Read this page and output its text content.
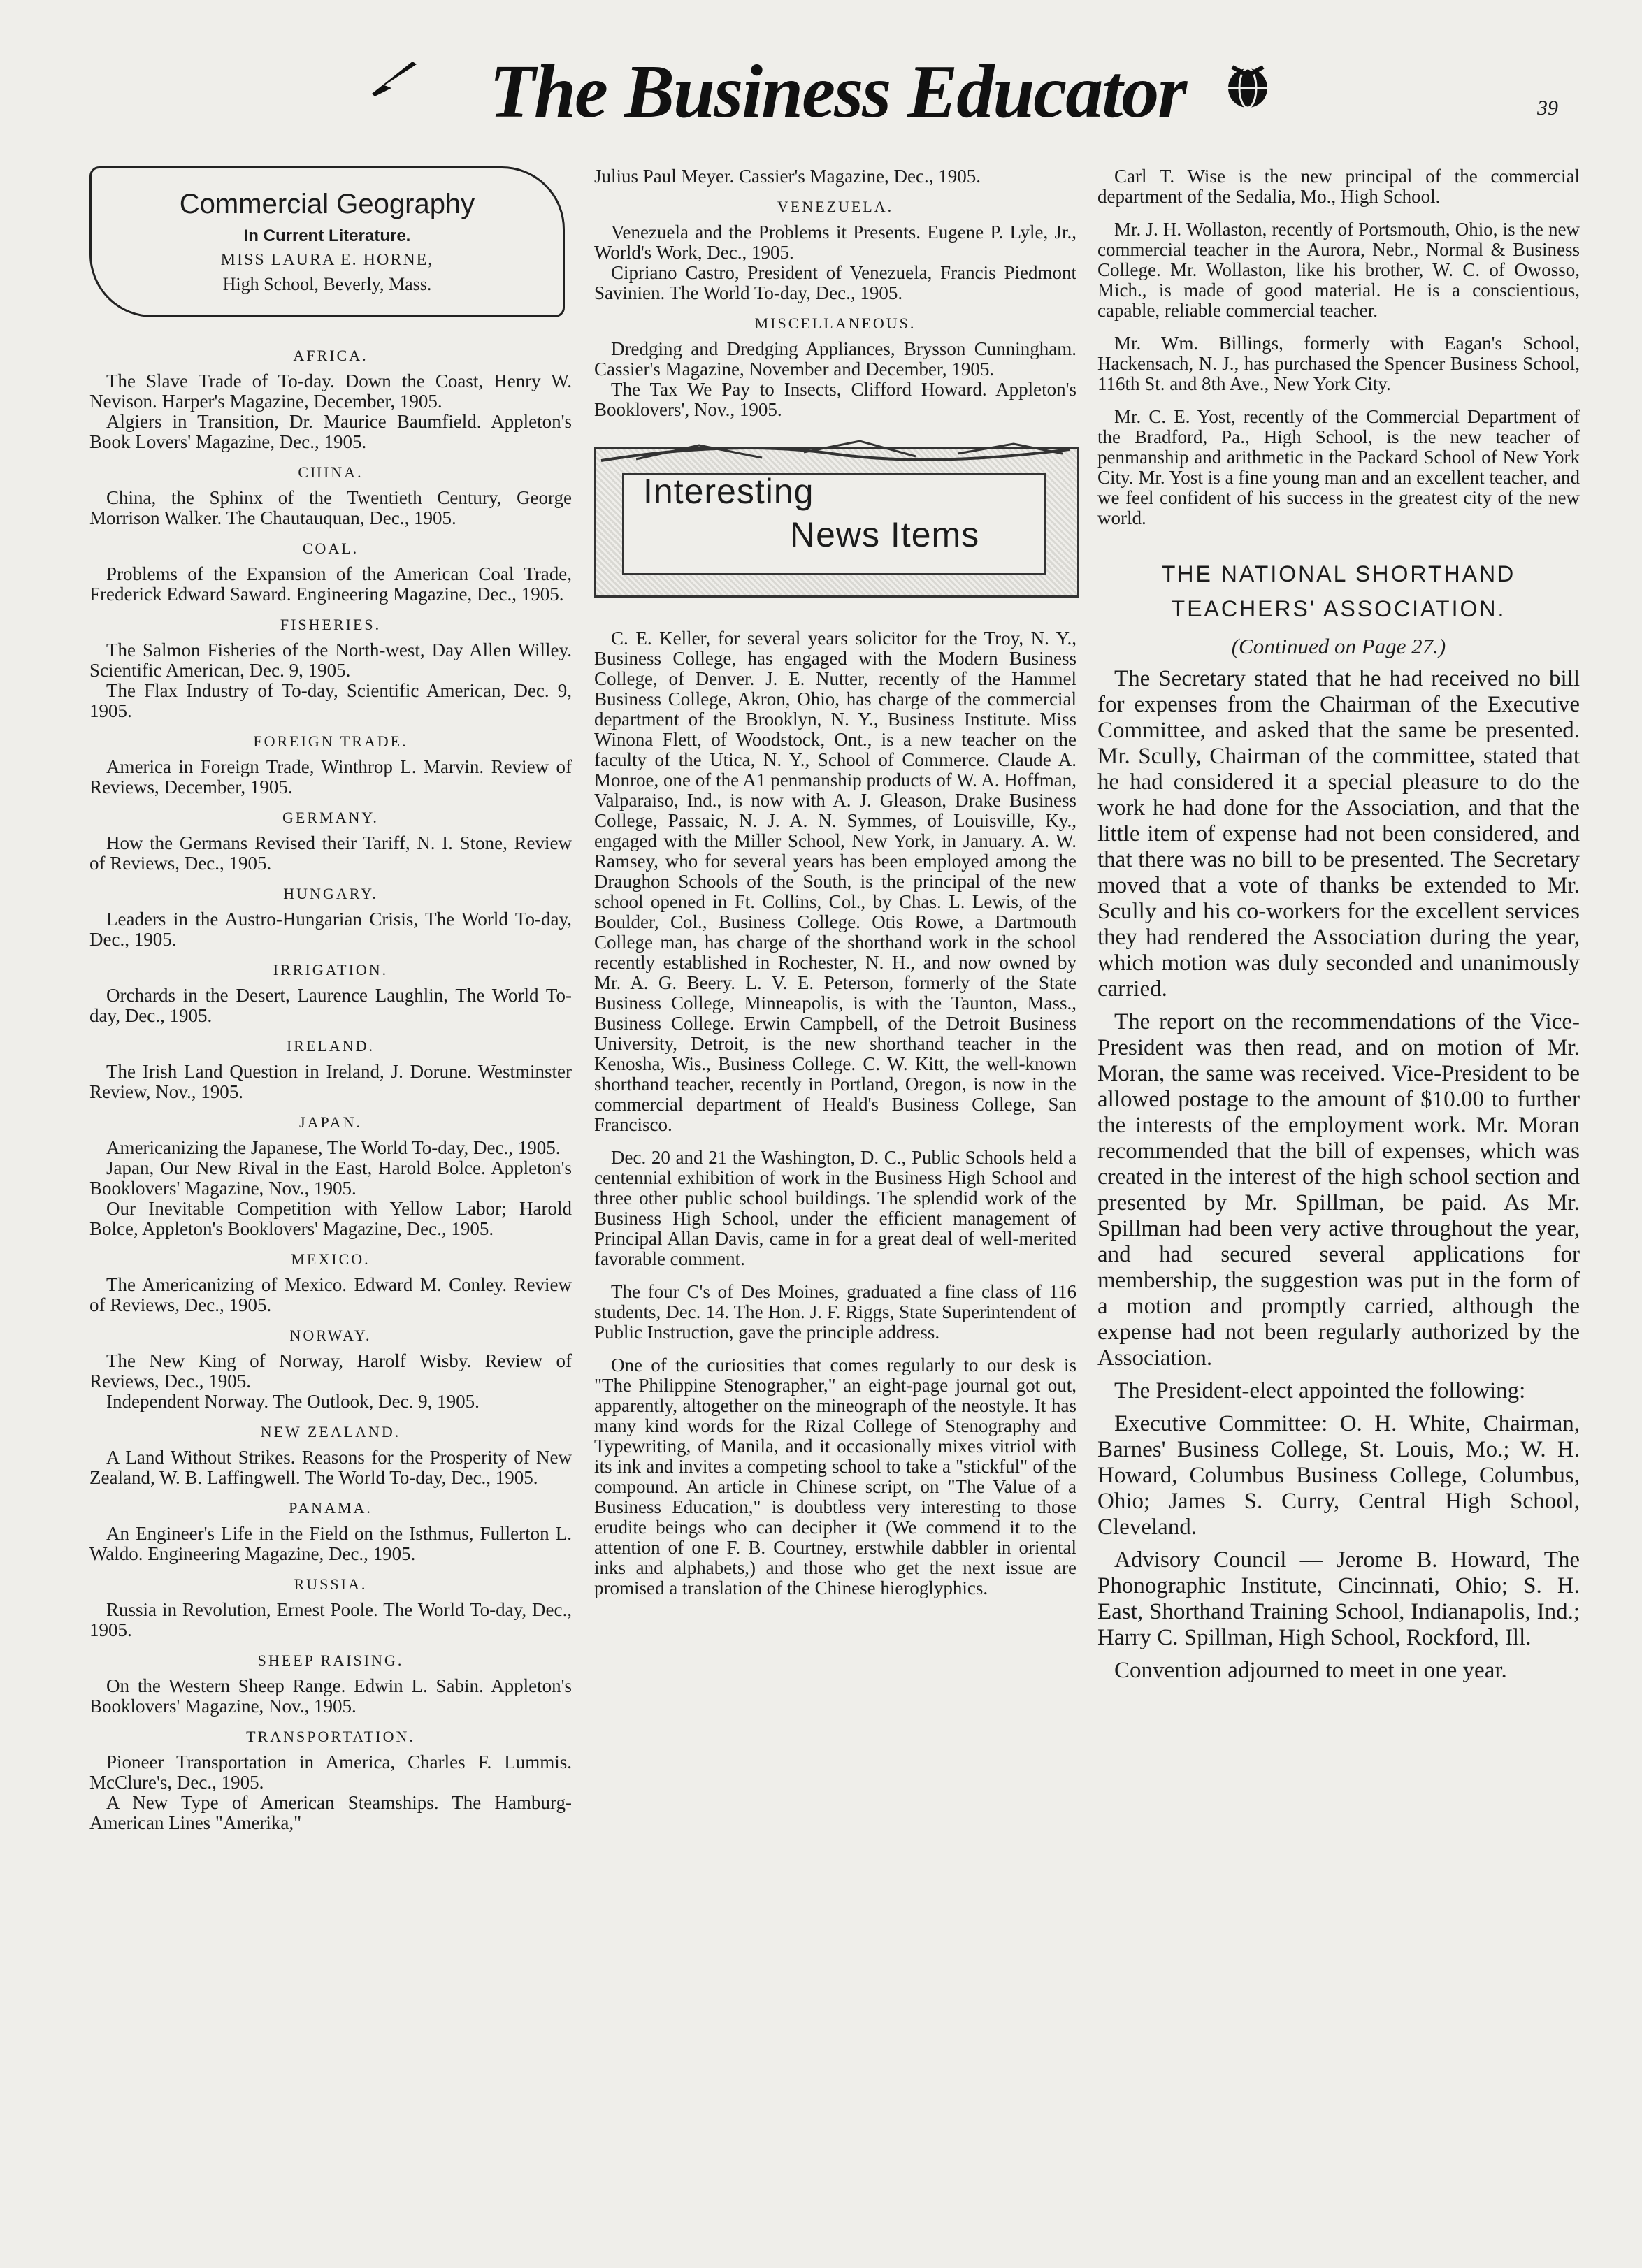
The Business Educator	39
Commercial Geography
In Current Literature.
MISS LAURA E. HORNE,
High School, Beverly, Mass.
AFRICA.

The Slave Trade of To-day. Down the Coast, Henry W. Nevison. Harper's Magazine, December, 1905.

Algiers in Transition, Dr. Maurice Baumfield. Appleton's Book Lovers' Magazine, Dec., 1905.

CHINA.

China, the Sphinx of the Twentieth Century, George Morrison Walker. The Chautauquan, Dec., 1905.

COAL.

Problems of the Expansion of the American Coal Trade, Frederick Edward Saward. Engineering Magazine, Dec., 1905.

FISHERIES.

The Salmon Fisheries of the North-west, Day Allen Willey. Scientific American, Dec. 9, 1905.

The Flax Industry of To-day, Scientific American, Dec. 9, 1905.

FOREIGN TRADE.

America in Foreign Trade, Winthrop L. Marvin. Review of Reviews, December, 1905.

GERMANY.

How the Germans Revised their Tariff, N. I. Stone, Review of Reviews, Dec., 1905.

HUNGARY.

Leaders in the Austro-Hungarian Crisis, The World To-day, Dec., 1905.

IRRIGATION.

Orchards in the Desert, Laurence Laughlin, The World To-day, Dec., 1905.

IRELAND.

The Irish Land Question in Ireland, J. Dorune. Westminster Review, Nov., 1905.

JAPAN.

Americanizing the Japanese, The World To-day, Dec., 1905.

Japan, Our New Rival in the East, Harold Bolce. Appleton's Booklovers' Magazine, Nov., 1905.

Our Inevitable Competition with Yellow Labor; Harold Bolce, Appleton's Booklovers' Magazine, Dec., 1905.

MEXICO.

The Americanizing of Mexico. Edward M. Conley. Review of Reviews, Dec., 1905.

NORWAY.

The New King of Norway, Harolf Wisby. Review of Reviews, Dec., 1905.

Independent Norway. The Outlook, Dec. 9, 1905.

NEW ZEALAND.

A Land Without Strikes. Reasons for the Prosperity of New Zealand, W. B. Laffingwell. The World To-day, Dec., 1905.

PANAMA.

An Engineer's Life in the Field on the Isthmus, Fullerton L. Waldo. Engineering Magazine, Dec., 1905.

RUSSIA.

Russia in Revolution, Ernest Poole. The World To-day, Dec., 1905.

SHEEP RAISING.

On the Western Sheep Range. Edwin L. Sabin. Appleton's Booklovers' Magazine, Nov., 1905.

TRANSPORTATION.

Pioneer Transportation in America, Charles F. Lummis. McClure's, Dec., 1905.

A New Type of American Steamships. The Hamburg-American Lines "Amerika,"

Julius Paul Meyer. Cassier's Magazine, Dec., 1905.

VENEZUELA.

Venezuela and the Problems it Presents. Eugene P. Lyle, Jr., World's Work, Dec., 1905.

Cipriano Castro, President of Venezuela, Francis Piedmont Savinien. The World To-day, Dec., 1905.

MISCELLANEOUS.

Dredging and Dredging Appliances, Brysson Cunningham. Cassier's Magazine, November and December, 1905.

The Tax We Pay to Insects, Clifford Howard. Appleton's Booklovers', Nov., 1905.

Interesting
News Items

C. E. Keller, for several years solicitor for the Troy, N. Y., Business College, has engaged with the Modern Business College, of Denver. J. E. Nutter, recently of the Hammel Business College, Akron, Ohio, has charge of the commercial department of the Brooklyn, N. Y., Business Institute. Miss Winona Flett, of Woodstock, Ont., is a new teacher on the faculty of the Utica, N. Y., School of Commerce. Claude A. Monroe, one of the A1 penmanship products of W. A. Hoffman, Valparaiso, Ind., is now with A. J. Gleason, Drake Business College, Passaic, N. J. A. N. Symmes, of Louisville, Ky., engaged with the Miller School, New York, in January. A. W. Ramsey, who for several years has been employed among the Draughon Schools of the South, is the principal of the new school opened in Ft. Collins, Col., by Chas. L. Lewis, of the Boulder, Col., Business College. Otis Rowe, a Dartmouth College man, has charge of the shorthand work in the school recently established in Rochester, N. H., and now owned by Mr. A. G. Beery. L. V. E. Peterson, formerly of the State Business College, Minneapolis, is with the Taunton, Mass., Business College. Erwin Campbell, of the Detroit Business University, Detroit, is the new shorthand teacher in the Kenosha, Wis., Business College. C. W. Kitt, the well-known shorthand teacher, recently in Portland, Oregon, is now in the commercial department of Heald's Business College, San Francisco.

Dec. 20 and 21 the Washington, D. C., Public Schools held a centennial exhibition of work in the Business High School and three other public school buildings. The splendid work of the Business High School, under the efficient management of Principal Allan Davis, came in for a great deal of well-merited favorable comment.

The four C's of Des Moines, graduated a fine class of 116 students, Dec. 14. The Hon. J. F. Riggs, State Superintendent of Public Instruction, gave the principle address.

One of the curiosities that comes regularly to our desk is "The Philippine Stenographer," an eight-page journal got out, apparently, altogether on the mineograph of the neostyle. It has many kind words for the Rizal College of Stenography and Typewriting, of Manila, and it occasionally mixes vitriol with its ink and invites a competing school to take a "stickful" of the compound. An article in Chinese script, on "The Value of a Business Education," is doubtless very interesting to those erudite beings who can decipher it (We commend it to the attention of one F. B. Courtney, erstwhile dabbler in oriental inks and alphabets,) and those who get the next issue are promised a translation of the Chinese hieroglyphics.

Carl T. Wise is the new principal of the commercial department of the Sedalia, Mo., High School.

Mr. J. H. Wollaston, recently of Portsmouth, Ohio, is the new commercial teacher in the Aurora, Nebr., Normal & Business College. Mr. Wollaston, like his brother, W. C. of Owosso, Mich., is made of good material. He is a conscientious, capable, reliable commercial teacher.

Mr. Wm. Billings, formerly with Eagan's School, Hackensach, N. J., has purchased the Spencer Business School, 116th St. and 8th Ave., New York City.

Mr. C. E. Yost, recently of the Commercial Department of the Bradford, Pa., High School, is the new teacher of penmanship and arithmetic in the Packard School of New York City. Mr. Yost is a fine young man and an excellent teacher, and we feel confident of his success in the greatest city of the new world.

THE NATIONAL SHORTHAND
TEACHERS' ASSOCIATION.
(Continued on Page 27.)

The Secretary stated that he had received no bill for expenses from the Chairman of the Executive Committee, and asked that the same be presented. Mr. Scully, Chairman of the committee, stated that he had considered it a special pleasure to do the work he had done for the Association, and that the little item of expense had not been considered, and that there was no bill to be presented. The Secretary moved that a vote of thanks be extended to Mr. Scully and his co-workers for the excellent services they had rendered the Association during the year, which motion was duly seconded and unanimously carried.

The report on the recommendations of the Vice-President was then read, and on motion of Mr. Moran, the same was received. Vice-President to be allowed postage to the amount of $10.00 to further the interests of the employment work. Mr. Moran recommended that the bill of expenses, which was created in the interest of the high school section and presented by Mr. Spillman, be paid. As Mr. Spillman had been very active throughout the year, and had secured several applications for membership, the suggestion was put in the form of a motion and promptly carried, although the expense had not been regularly authorized by the Association.

The President-elect appointed the following:

Executive Committee: O. H. White, Chairman, Barnes' Business College, St. Louis, Mo.; W. H. Howard, Columbus Business College, Columbus, Ohio; James S. Curry, Central High School, Cleveland.

Advisory Council — Jerome B. Howard, The Phonographic Institute, Cincinnati, Ohio; S. H. East, Shorthand Training School, Indianapolis, Ind.; Harry C. Spillman, High School, Rockford, Ill.

Convention adjourned to meet in one year.
